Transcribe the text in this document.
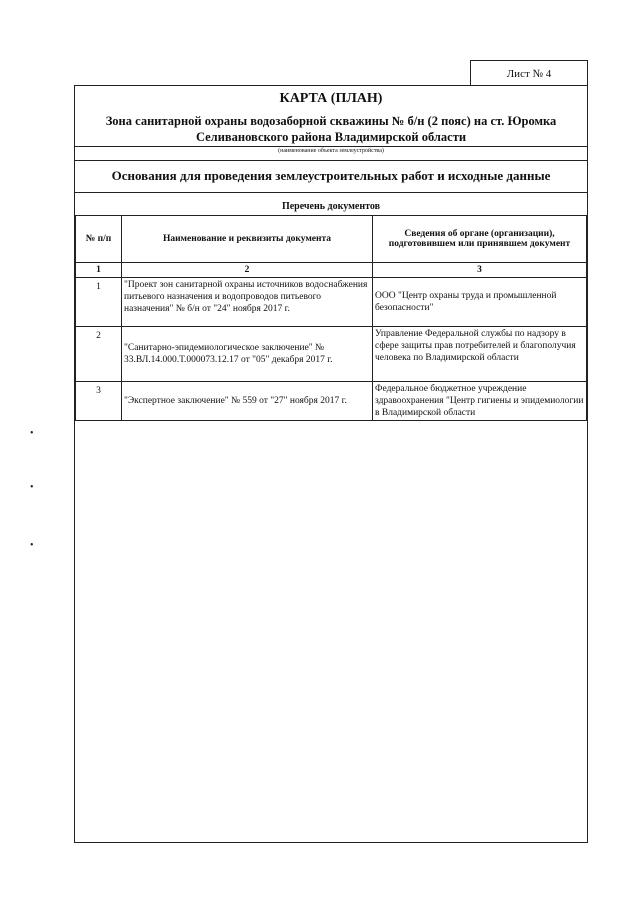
Лист № 4
КАРТА (ПЛАН)
Зона санитарной охраны водозаборной скважины № б/н (2 пояс) на ст. Юромка Селивановского района Владимирской области
(наименование объекта землеустройства)
Основания для проведения землеустроительных работ и исходные данные
Перечень документов
№ п/п	Наименование и реквизиты документа	Сведения об органе (организации), подготовившем или принявшем документ
1	2	3
1	"Проект зон санитарной охраны источников водоснабжения питьевого назначения и водопроводов питьевого назначения" № б/н от "24" ноября 2017 г.	ООО "Центр охраны труда и промышленной безопасности"
2	"Санитарно-эпидемиологическое заключение" № 33.ВЛ.14.000.Т.000073.12.17 от "05" декабря 2017 г.	Управление Федеральной службы по надзору в сфере защиты прав потребителей и благополучия человека по Владимирской области
3	"Экспертное заключение" № 559 от "27" ноября 2017 г.	Федеральное бюджетное учреждение здравоохранения "Центр гигиены и эпидемиологии в Владимирской области
•
•
•
